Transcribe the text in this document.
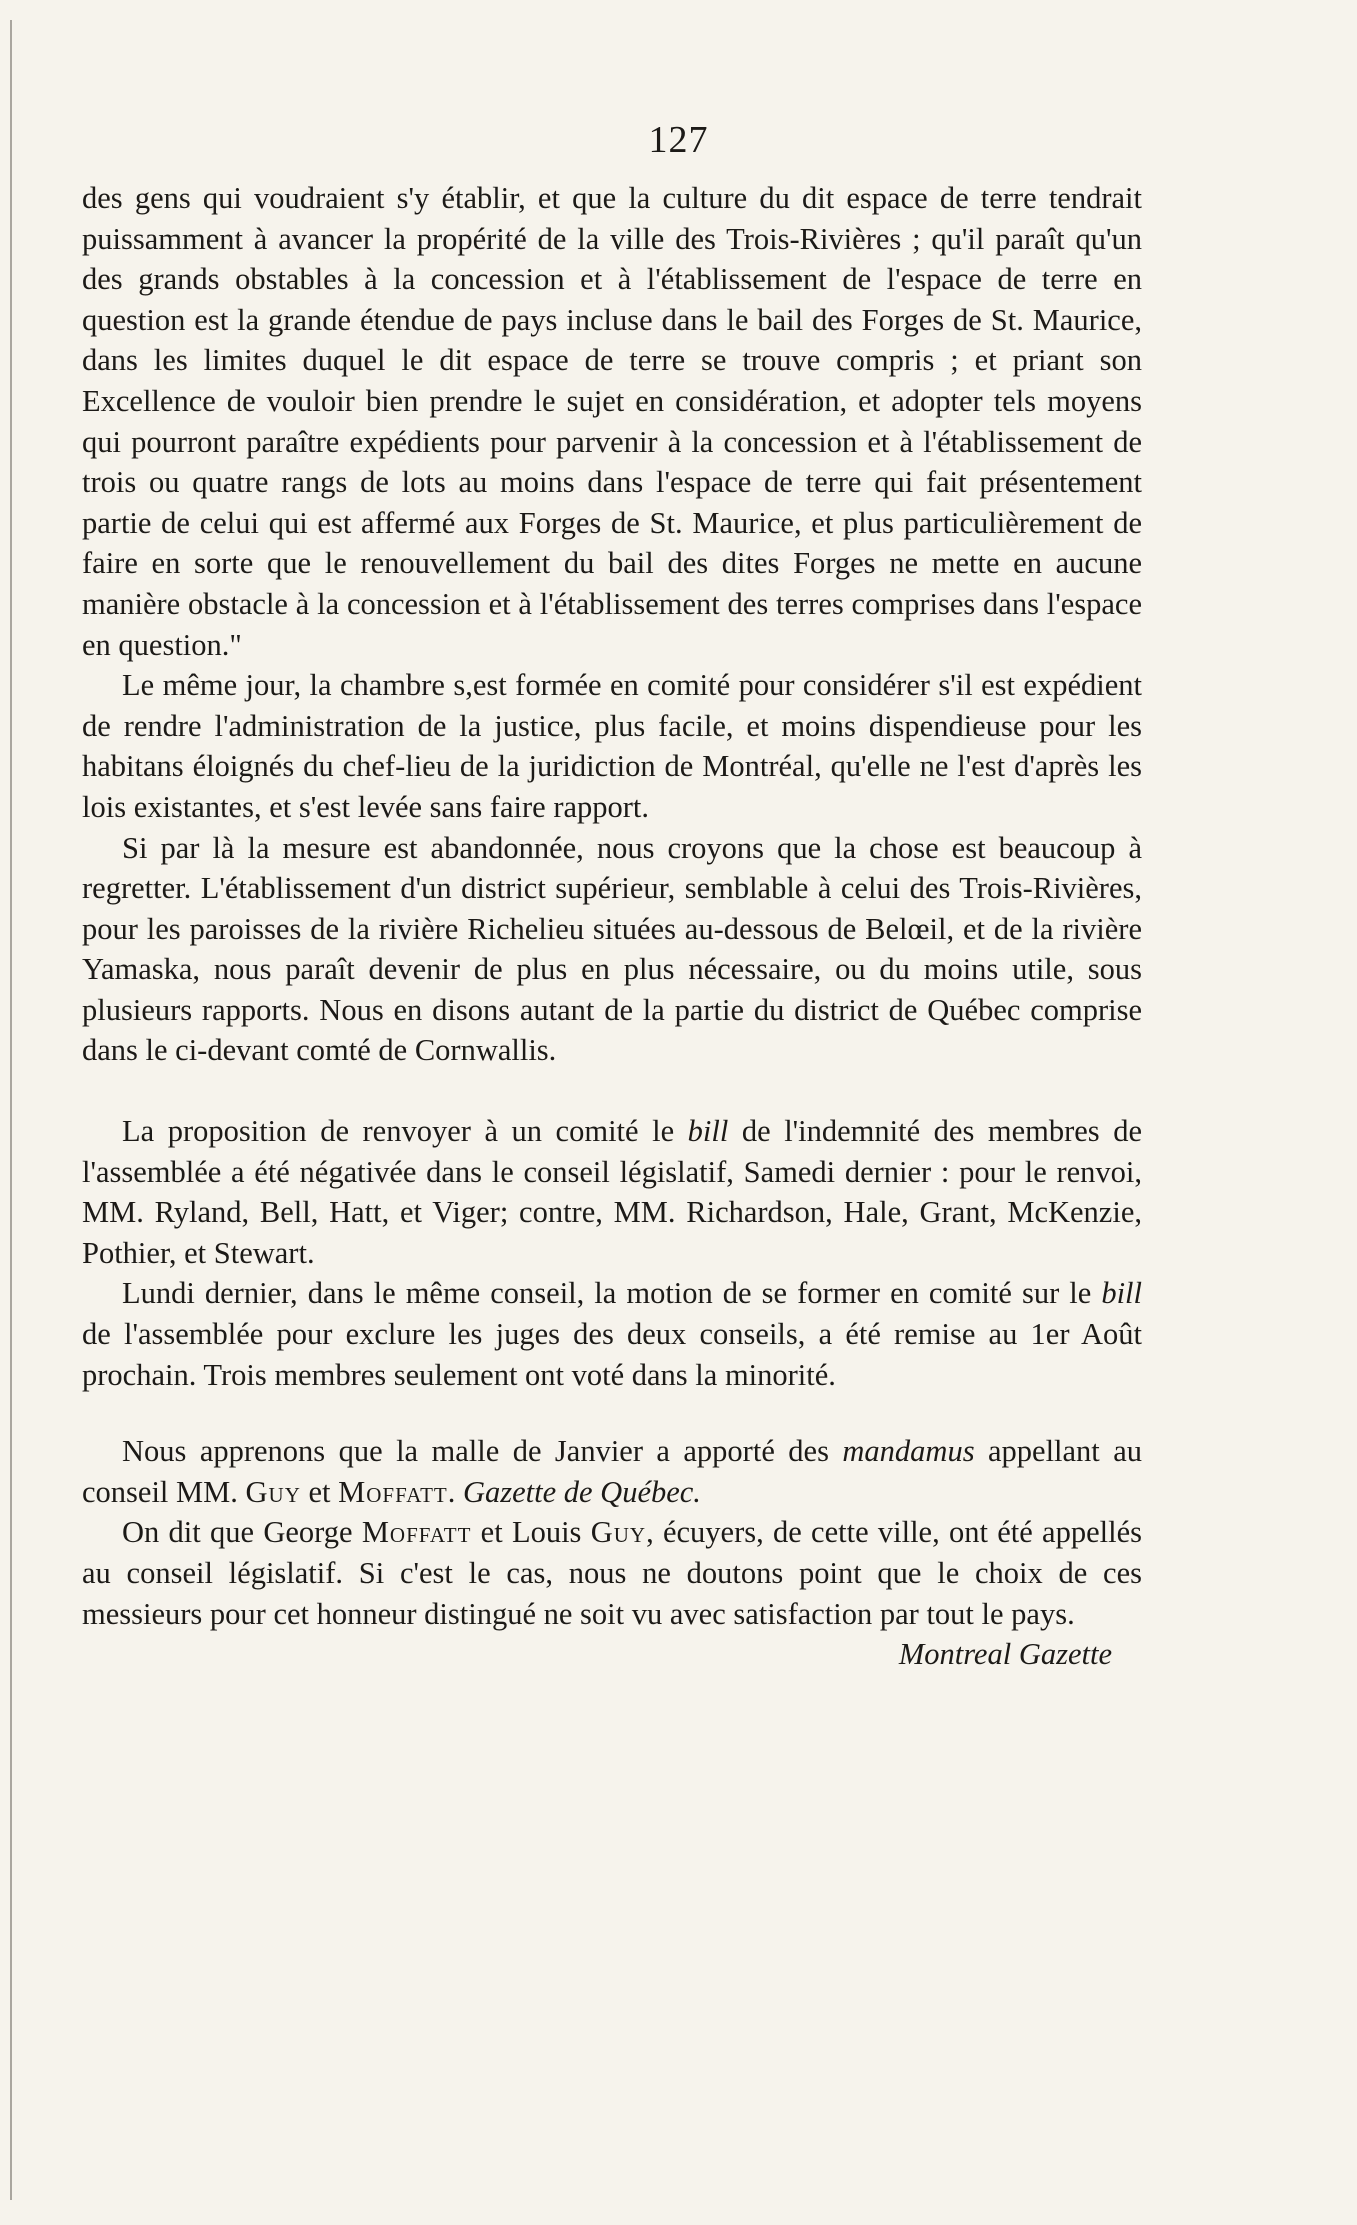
127

des gens qui voudraient s'y établir, et que la culture du dit espace de terre tendrait puissamment à avancer la propérité de la ville des Trois-Rivières ; qu'il paraît qu'un des grands obstables à la concession et à l'établissement de l'espace de terre en question est la grande étendue de pays incluse dans le bail des Forges de St. Maurice, dans les limites duquel le dit espace de terre se trouve compris ; et priant son Excellence de vouloir bien prendre le sujet en considération, et adopter tels moyens qui pourront paraître expédients pour parvenir à la concession et à l'établissement de trois ou quatre rangs de lots au moins dans l'espace de terre qui fait présentement partie de celui qui est affermé aux Forges de St. Maurice, et plus particulièrement de faire en sorte que le renouvellement du bail des dites Forges ne mette en aucune manière obstacle à la concession et à l'établissement des terres comprises dans l'espace en question."

Le même jour, la chambre s,est formée en comité pour considérer s'il est expédient de rendre l'administration de la justice, plus facile, et moins dispendieuse pour les habitans éloignés du chef-lieu de la juridiction de Montréal, qu'elle ne l'est d'après les lois existantes, et s'est levée sans faire rapport.

Si par là la mesure est abandonnée, nous croyons que la chose est beaucoup à regretter. L'établissement d'un district supérieur, semblable à celui des Trois-Rivières, pour les paroisses de la rivière Richelieu situées au-dessous de Belœil, et de la rivière Yamaska, nous paraît devenir de plus en plus nécessaire, ou du moins utile, sous plusieurs rapports. Nous en disons autant de la partie du district de Québec comprise dans le ci-devant comté de Cornwallis.

La proposition de renvoyer à un comité le bill de l'indemnité des membres de l'assemblée a été négativée dans le conseil législatif, Samedi dernier : pour le renvoi, MM. Ryland, Bell, Hatt, et Viger; contre, MM. Richardson, Hale, Grant, McKenzie, Pothier, et Stewart.

Lundi dernier, dans le même conseil, la motion de se former en comité sur le bill de l'assemblée pour exclure les juges des deux conseils, a été remise au 1er Août prochain. Trois membres seulement ont voté dans la minorité.

Nous apprenons que la malle de Janvier a apporté des mandamus appellant au conseil MM. Guy et Moffatt. Gazette de Québec.

On dit que George Moffatt et Louis Guy, écuyers, de cette ville, ont été appellés au conseil législatif. Si c'est le cas, nous ne doutons point que le choix de ces messieurs pour cet honneur distingué ne soit vu avec satisfaction par tout le pays.

Montreal Gazette
